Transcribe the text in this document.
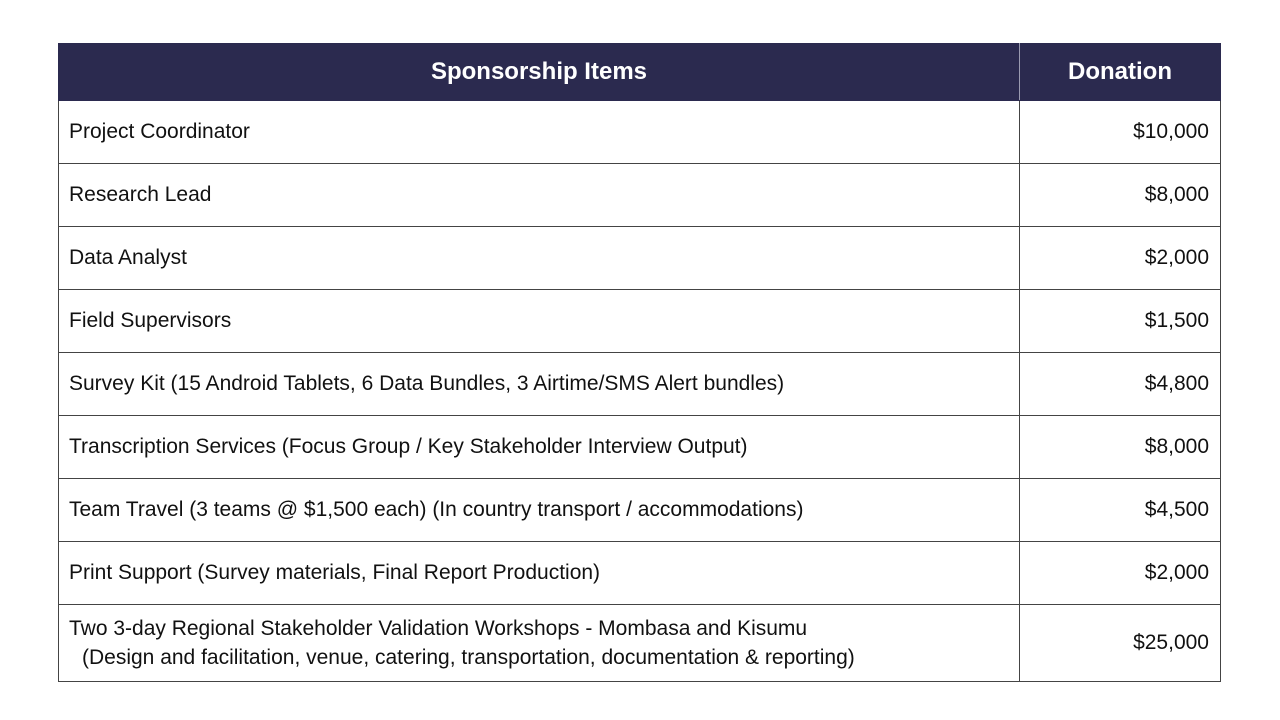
Sponsorship Items	Donation
Project Coordinator	$10,000
Research Lead	$8,000
Data Analyst	$2,000
Field Supervisors	$1,500
Survey Kit (15 Android Tablets, 6 Data Bundles, 3 Airtime/SMS Alert bundles)	$4,800
Transcription Services (Focus Group / Key Stakeholder Interview Output)	$8,000
Team Travel (3 teams @ $1,500 each) (In country transport / accommodations)	$4,500
Print Support (Survey materials, Final Report Production)	$2,000

Two 3-day Regional Stakeholder Validation Workshops - Mombasa and Kisumu
(Design and facilitation, venue, catering, transportation, documentation & reporting)	$25,000
